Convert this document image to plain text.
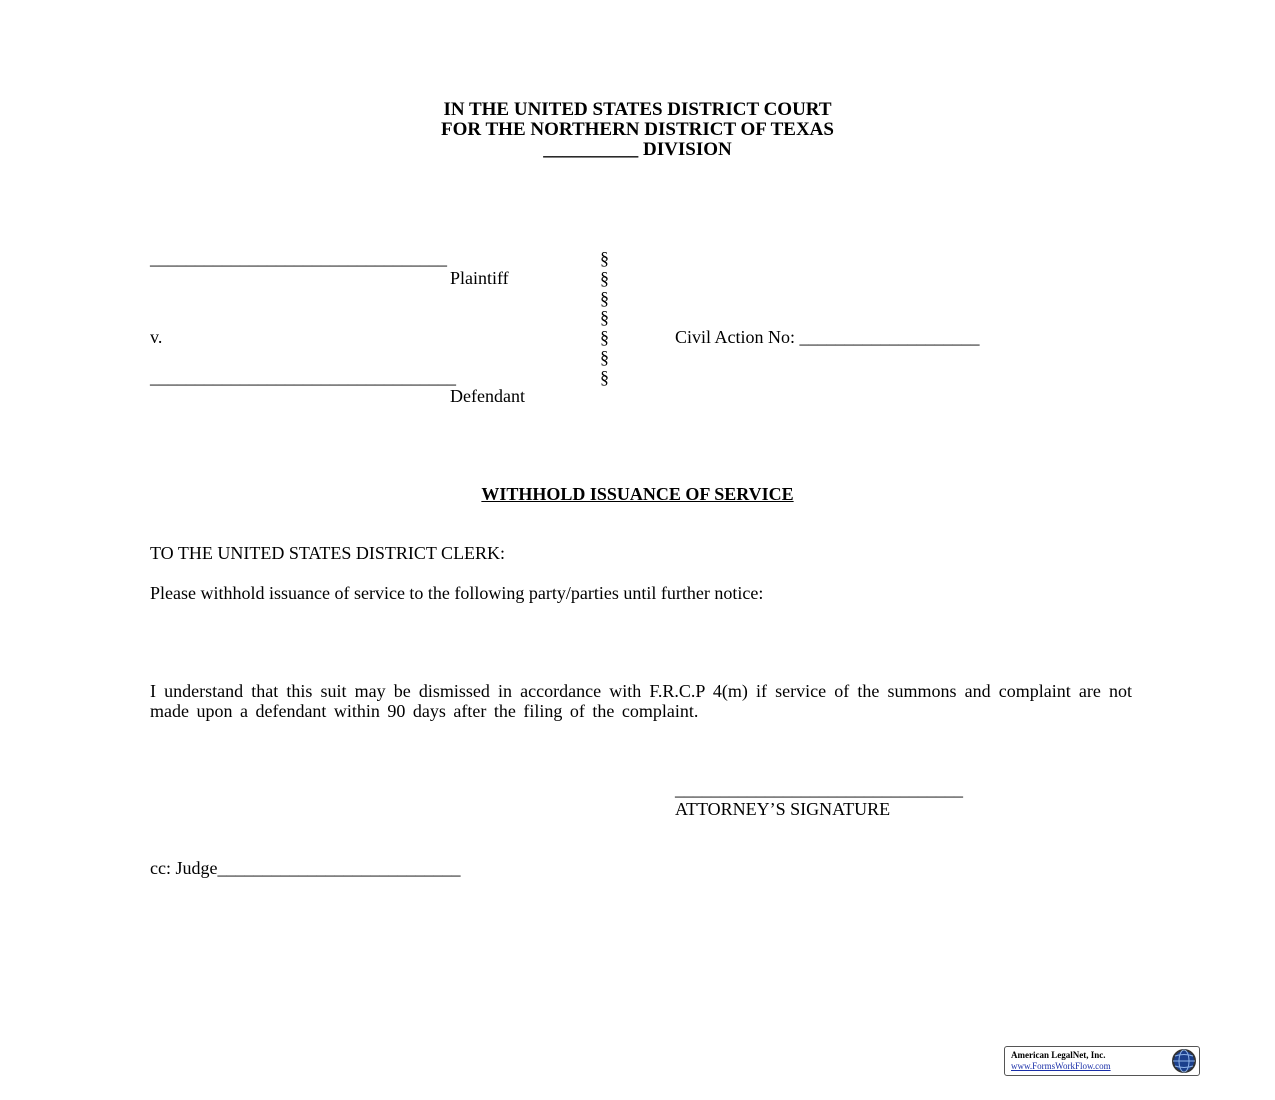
IN THE UNITED STATES DISTRICT COURT
FOR THE NORTHERN DISTRICT OF TEXAS
__________ DIVISION
_________________________________
Plaintiff
v.
__________________________________
Defendant
§
§
§
§
§
§
§
Civil Action No: ____________________
WITHHOLD ISSUANCE OF SERVICE
TO THE UNITED STATES DISTRICT CLERK:
Please withhold issuance of service to the following party/parties until further notice:
I understand that this suit may be dismissed in accordance with F.R.C.P 4(m) if service of the summons and complaint are not made upon a defendant within 90 days after the filing of the complaint.
________________________________
ATTORNEY’S SIGNATURE
cc: Judge___________________________
American LegalNet, Inc.
www.FormsWorkFlow.com
